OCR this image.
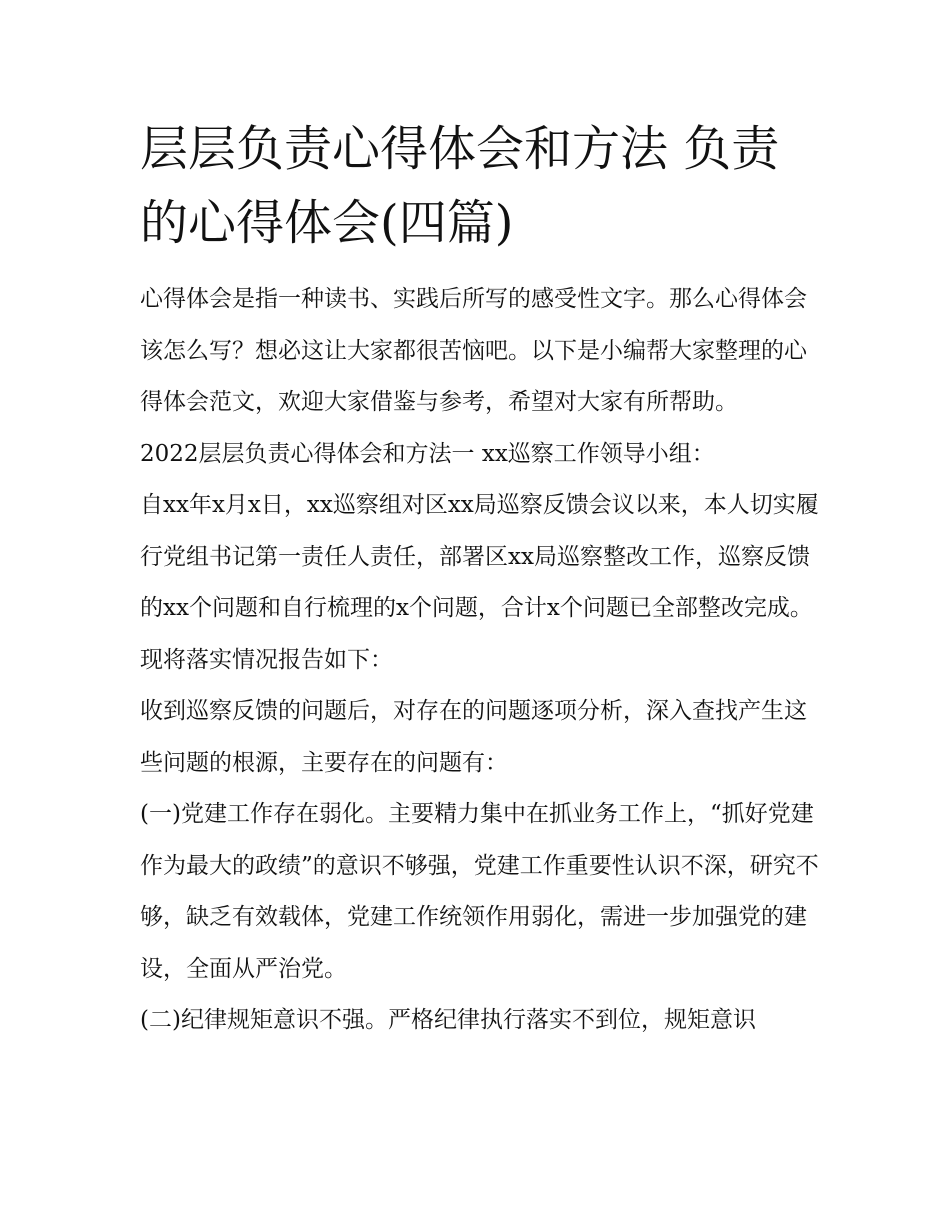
层层负责心得体会和方法 负责的心得体会(四篇)

心得体会是指一种读书、实践后所写的感受性文字。那么心得体会该怎么写？想必这让大家都很苦恼吧。以下是小编帮大家整理的心得体会范文，欢迎大家借鉴与参考，希望对大家有所帮助。

2022层层负责心得体会和方法一 xx巡察工作领导小组：

自xx年x月x日，xx巡察组对区xx局巡察反馈会议以来，本人切实履行党组书记第一责任人责任，部署区xx局巡察整改工作，巡察反馈的xx个问题和自行梳理的x个问题，合计x个问题已全部整改完成。现将落实情况报告如下：

收到巡察反馈的问题后，对存在的问题逐项分析，深入查找产生这些问题的根源，主要存在的问题有：

(一)党建工作存在弱化。主要精力集中在抓业务工作上，“抓好党建作为最大的政绩”的意识不够强，党建工作重要性认识不深，研究不够，缺乏有效载体，党建工作统领作用弱化，需进一步加强党的建设，全面从严治党。

(二)纪律规矩意识不强。严格纪律执行落实不到位，规矩意识
